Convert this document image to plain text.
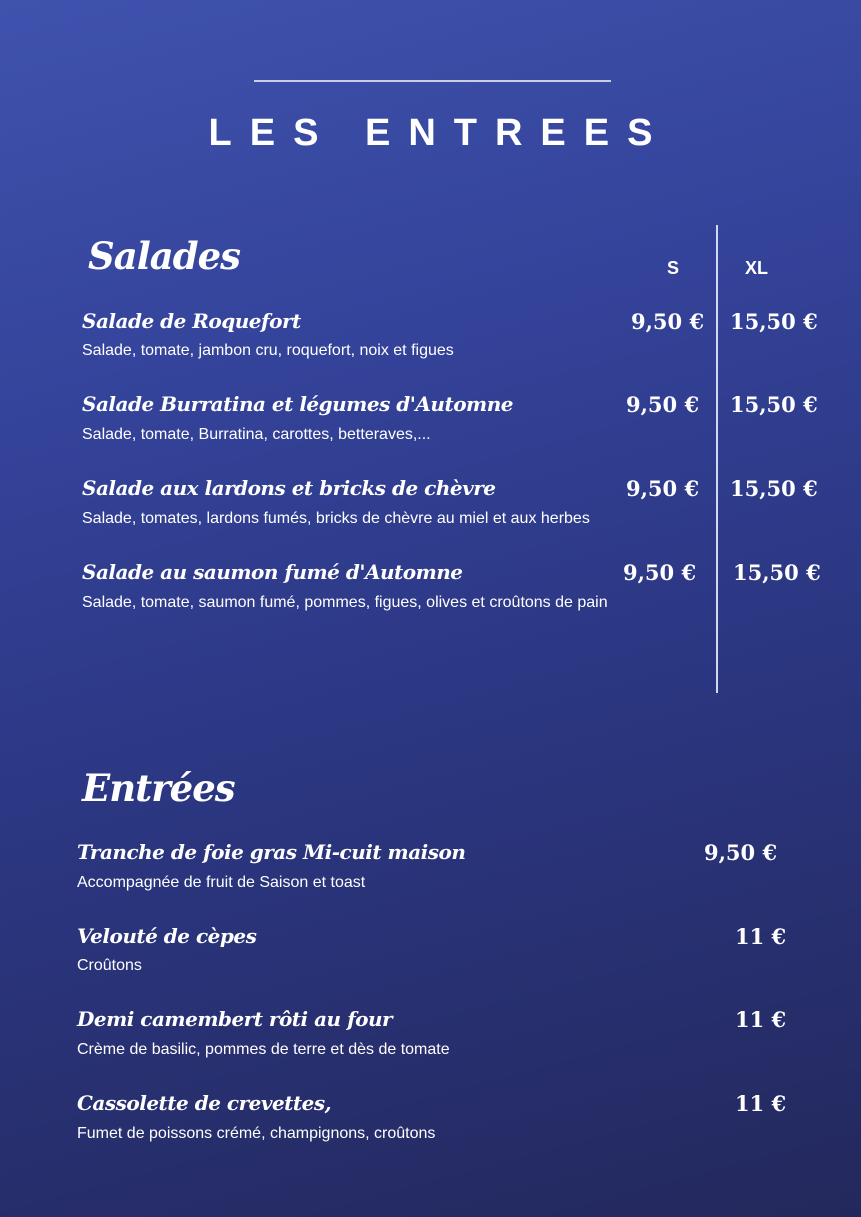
LES ENTREES
Salades	S	XL
Salade de Roquefort
Salade, tomate, jambon cru, roquefort, noix et figues
9,50 € 15,50 €
Salade Burratina et légumes d'Automne
Salade, tomate, Burratina, carottes, betteraves,...
9,50 € 15,50 €
Salade aux lardons et bricks de chèvre
Salade, tomates, lardons fumés, bricks de chèvre au miel et aux herbes
9,50 € 15,50 €
Salade au saumon fumé d'Automne
Salade, tomate, saumon fumé, pommes, figues, olives et croûtons de pain
9,50 € 15,50 €
Entrées
Tranche de foie gras Mi-cuit maison
Accompagnée de fruit de Saison et toast
9,50 €
Velouté de cèpes
Croûtons
11 €
Demi camembert rôti au four
Crème de basilic, pommes de terre et dès de tomate
11 €
Cassolette de crevettes,
Fumet de poissons crémé, champignons, croûtons
11 €
